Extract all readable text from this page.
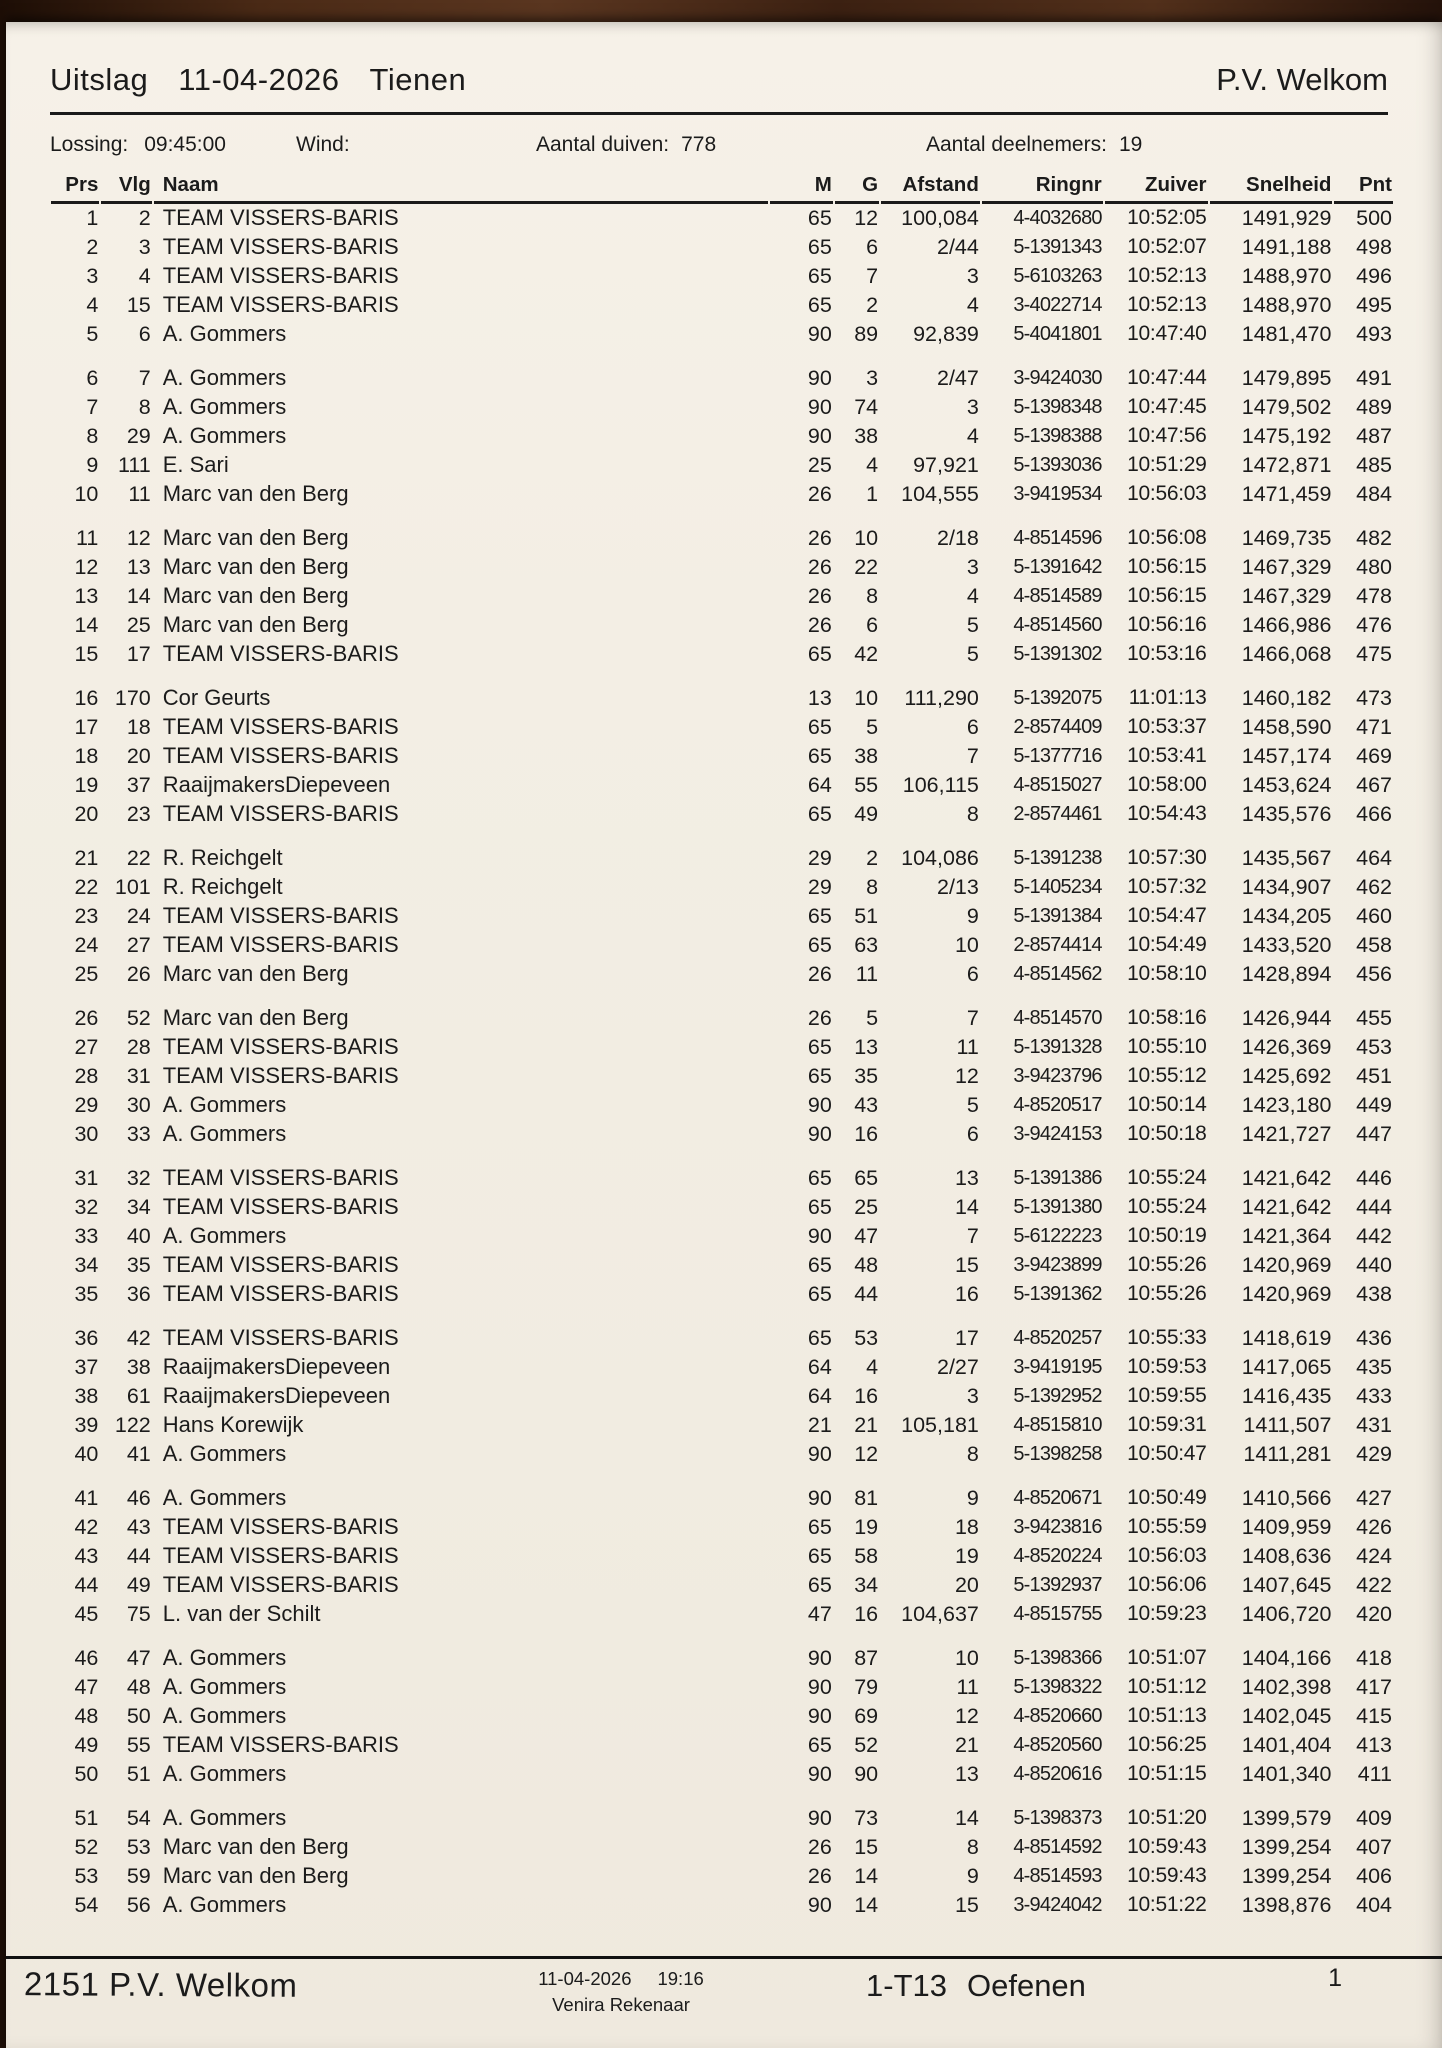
Uitslag 11-04-2026 Tienen	P.V. Welkom
Lossing: 09:45:00	Wind:	Aantal duiven: 778	Aantal deelnemers: 19
Prs	Vlg	Naam	M	G	Afstand	Ringnr	Zuiver	Snelheid	Pnt
1	2	TEAM VISSERS-BARIS	65	12	100,084	4-4032680	10:52:05	1491,929	500
2	3	TEAM VISSERS-BARIS	65	6	2/44	5-1391343	10:52:07	1491,188	498
3	4	TEAM VISSERS-BARIS	65	7	3	5-6103263	10:52:13	1488,970	496
4	15	TEAM VISSERS-BARIS	65	2	4	3-4022714	10:52:13	1488,970	495
5	6	A. Gommers	90	89	92,839	5-4041801	10:47:40	1481,470	493

6	7	A. Gommers	90	3	2/47	3-9424030	10:47:44	1479,895	491
7	8	A. Gommers	90	74	3	5-1398348	10:47:45	1479,502	489
8	29	A. Gommers	90	38	4	5-1398388	10:47:56	1475,192	487
9	111	E. Sari	25	4	97,921	5-1393036	10:51:29	1472,871	485
10	11	Marc van den Berg	26	1	104,555	3-9419534	10:56:03	1471,459	484

11	12	Marc van den Berg	26	10	2/18	4-8514596	10:56:08	1469,735	482
12	13	Marc van den Berg	26	22	3	5-1391642	10:56:15	1467,329	480
13	14	Marc van den Berg	26	8	4	4-8514589	10:56:15	1467,329	478
14	25	Marc van den Berg	26	6	5	4-8514560	10:56:16	1466,986	476
15	17	TEAM VISSERS-BARIS	65	42	5	5-1391302	10:53:16	1466,068	475

16	170	Cor Geurts	13	10	111,290	5-1392075	11:01:13	1460,182	473
17	18	TEAM VISSERS-BARIS	65	5	6	2-8574409	10:53:37	1458,590	471
18	20	TEAM VISSERS-BARIS	65	38	7	5-1377716	10:53:41	1457,174	469
19	37	RaaijmakersDiepeveen	64	55	106,115	4-8515027	10:58:00	1453,624	467
20	23	TEAM VISSERS-BARIS	65	49	8	2-8574461	10:54:43	1435,576	466

21	22	R. Reichgelt	29	2	104,086	5-1391238	10:57:30	1435,567	464
22	101	R. Reichgelt	29	8	2/13	5-1405234	10:57:32	1434,907	462
23	24	TEAM VISSERS-BARIS	65	51	9	5-1391384	10:54:47	1434,205	460
24	27	TEAM VISSERS-BARIS	65	63	10	2-8574414	10:54:49	1433,520	458
25	26	Marc van den Berg	26	11	6	4-8514562	10:58:10	1428,894	456

26	52	Marc van den Berg	26	5	7	4-8514570	10:58:16	1426,944	455
27	28	TEAM VISSERS-BARIS	65	13	11	5-1391328	10:55:10	1426,369	453
28	31	TEAM VISSERS-BARIS	65	35	12	3-9423796	10:55:12	1425,692	451
29	30	A. Gommers	90	43	5	4-8520517	10:50:14	1423,180	449
30	33	A. Gommers	90	16	6	3-9424153	10:50:18	1421,727	447

31	32	TEAM VISSERS-BARIS	65	65	13	5-1391386	10:55:24	1421,642	446
32	34	TEAM VISSERS-BARIS	65	25	14	5-1391380	10:55:24	1421,642	444
33	40	A. Gommers	90	47	7	5-6122223	10:50:19	1421,364	442
34	35	TEAM VISSERS-BARIS	65	48	15	3-9423899	10:55:26	1420,969	440
35	36	TEAM VISSERS-BARIS	65	44	16	5-1391362	10:55:26	1420,969	438

36	42	TEAM VISSERS-BARIS	65	53	17	4-8520257	10:55:33	1418,619	436
37	38	RaaijmakersDiepeveen	64	4	2/27	3-9419195	10:59:53	1417,065	435
38	61	RaaijmakersDiepeveen	64	16	3	5-1392952	10:59:55	1416,435	433
39	122	Hans Korewijk	21	21	105,181	4-8515810	10:59:31	1411,507	431
40	41	A. Gommers	90	12	8	5-1398258	10:50:47	1411,281	429

41	46	A. Gommers	90	81	9	4-8520671	10:50:49	1410,566	427
42	43	TEAM VISSERS-BARIS	65	19	18	3-9423816	10:55:59	1409,959	426
43	44	TEAM VISSERS-BARIS	65	58	19	4-8520224	10:56:03	1408,636	424
44	49	TEAM VISSERS-BARIS	65	34	20	5-1392937	10:56:06	1407,645	422
45	75	L. van der Schilt	47	16	104,637	4-8515755	10:59:23	1406,720	420

46	47	A. Gommers	90	87	10	5-1398366	10:51:07	1404,166	418
47	48	A. Gommers	90	79	11	5-1398322	10:51:12	1402,398	417
48	50	A. Gommers	90	69	12	4-8520660	10:51:13	1402,045	415
49	55	TEAM VISSERS-BARIS	65	52	21	4-8520560	10:56:25	1401,404	413
50	51	A. Gommers	90	90	13	4-8520616	10:51:15	1401,340	411

51	54	A. Gommers	90	73	14	5-1398373	10:51:20	1399,579	409
52	53	Marc van den Berg	26	15	8	4-8514592	10:59:43	1399,254	407
53	59	Marc van den Berg	26	14	9	4-8514593	10:59:43	1399,254	406
54	56	A. Gommers	90	14	15	3-9424042	10:51:22	1398,876	404
2151 P.V. Welkom	11-04-2026 19:16
Venira Rekenaar
1-T13 Oefenen	1
